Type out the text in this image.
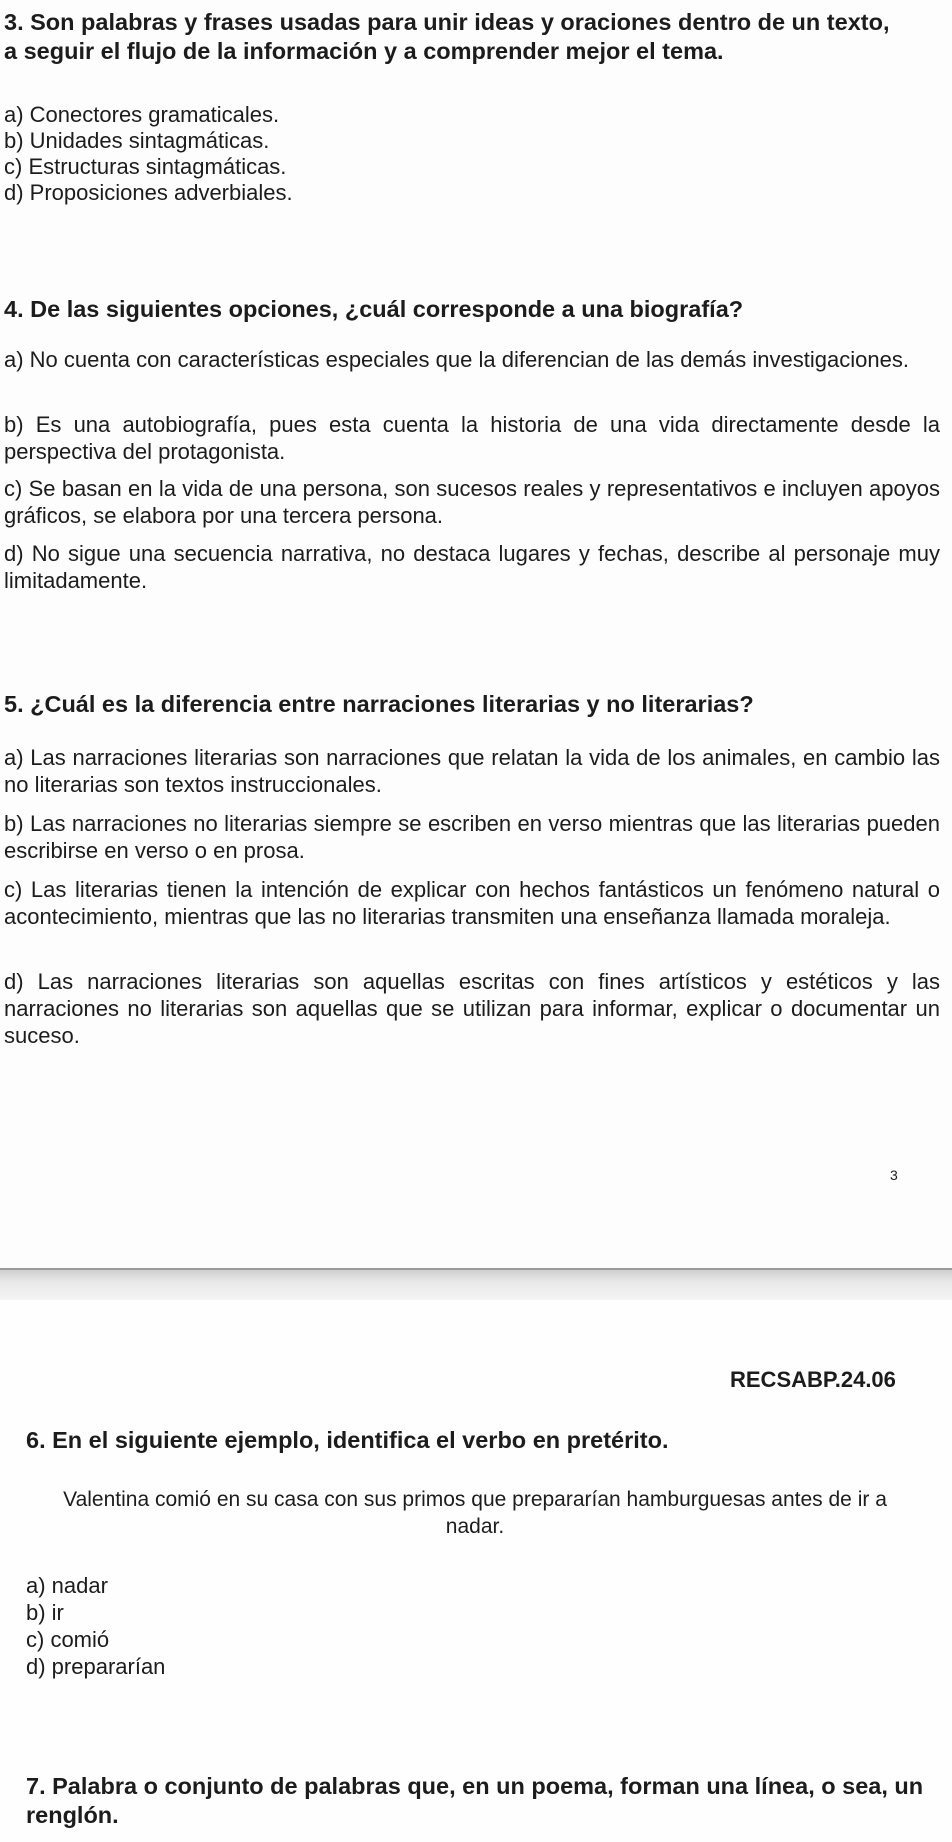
3. Son palabras y frases usadas para unir ideas y oraciones dentro de un texto, a seguir el flujo de la información y a comprender mejor el tema.
a) Conectores gramaticales.
b) Unidades sintagmáticas.
c) Estructuras sintagmáticas.
d) Proposiciones adverbiales.
4. De las siguientes opciones, ¿cuál corresponde a una biografía?
a) No cuenta con características especiales que la diferencian de las demás investigaciones.
b) Es una autobiografía, pues esta cuenta la historia de una vida directamente desde la perspectiva del protagonista.
c) Se basan en la vida de una persona, son sucesos reales y representativos e incluyen apoyos gráficos, se elabora por una tercera persona.
d) No sigue una secuencia narrativa, no destaca lugares y fechas, describe al personaje muy limitadamente.
5. ¿Cuál es la diferencia entre narraciones literarias y no literarias?
a) Las narraciones literarias son narraciones que relatan la vida de los animales, en cambio las no literarias son textos instruccionales.
b) Las narraciones no literarias siempre se escriben en verso mientras que las literarias pueden escribirse en verso o en prosa.
c) Las literarias tienen la intención de explicar con hechos fantásticos un fenómeno natural o acontecimiento, mientras que las no literarias transmiten una enseñanza llamada moraleja.
d) Las narraciones literarias son aquellas escritas con fines artísticos y estéticos y las narraciones no literarias son aquellas que se utilizan para informar, explicar o documentar un suceso.
3
RECSABP.24.06
6. En el siguiente ejemplo, identifica el verbo en pretérito.
Valentina comió en su casa con sus primos que prepararían hamburguesas antes de ir a nadar.
a) nadar
b) ir
c) comió
d) prepararían
7. Palabra o conjunto de palabras que, en un poema, forman una línea, o sea, un renglón.
